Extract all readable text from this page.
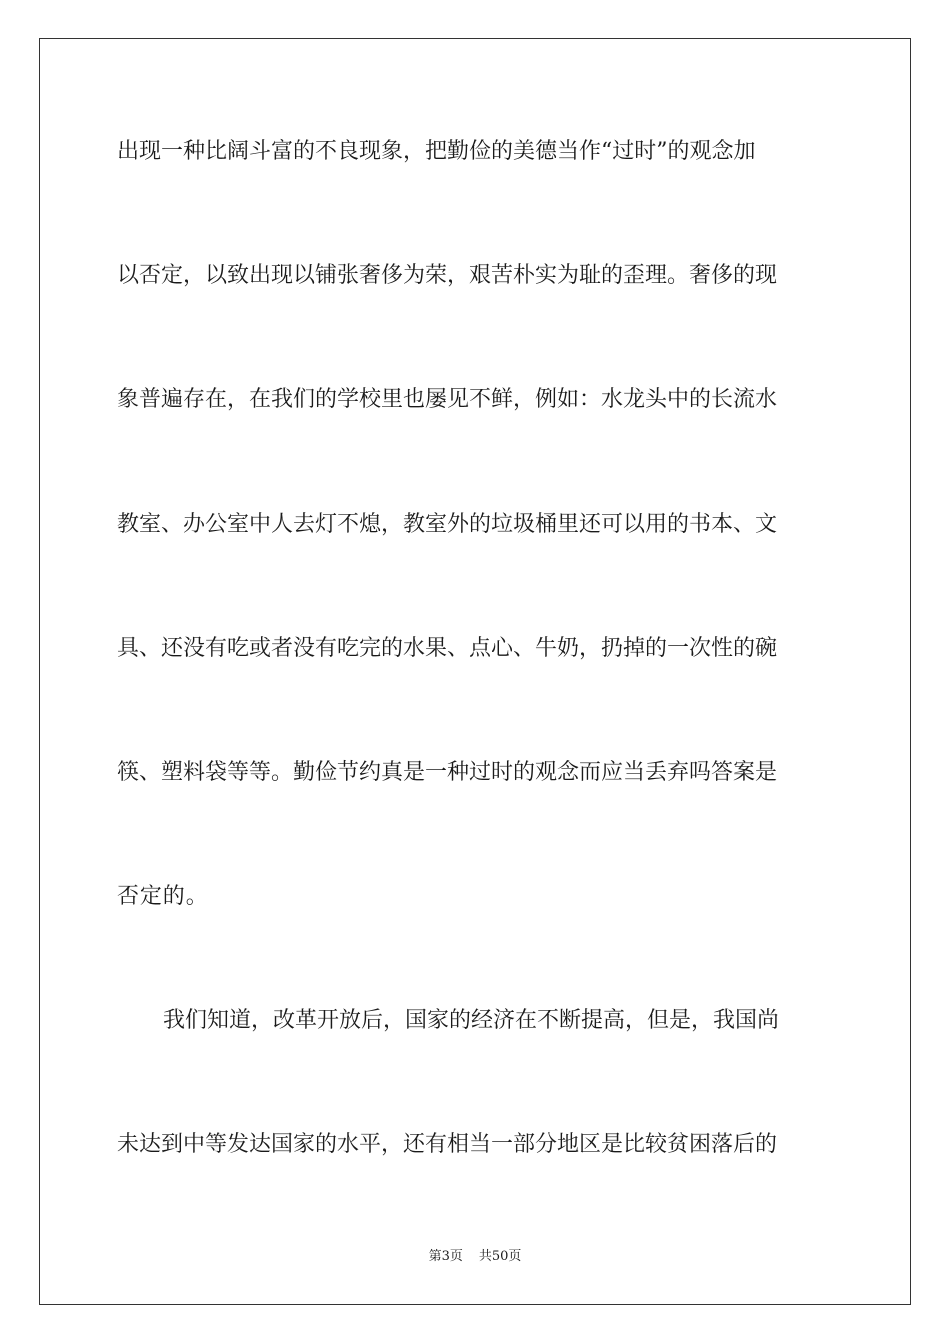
出现一种比阔斗富的不良现象，把勤俭的美德当作“过时”的观念加
以否定，以致出现以铺张奢侈为荣，艰苦朴实为耻的歪理。奢侈的现
象普遍存在，在我们的学校里也屡见不鲜，例如：水龙头中的长流水
教室、办公室中人去灯不熄，教室外的垃圾桶里还可以用的书本、文
具、还没有吃或者没有吃完的水果、点心、牛奶，扔掉的一次性的碗
筷、塑料袋等等。勤俭节约真是一种过时的观念而应当丢弃吗答案是
否定的。
我们知道，改革开放后，国家的经济在不断提高，但是，我国尚
未达到中等发达国家的水平，还有相当一部分地区是比较贫困落后的
第3页 共50页
